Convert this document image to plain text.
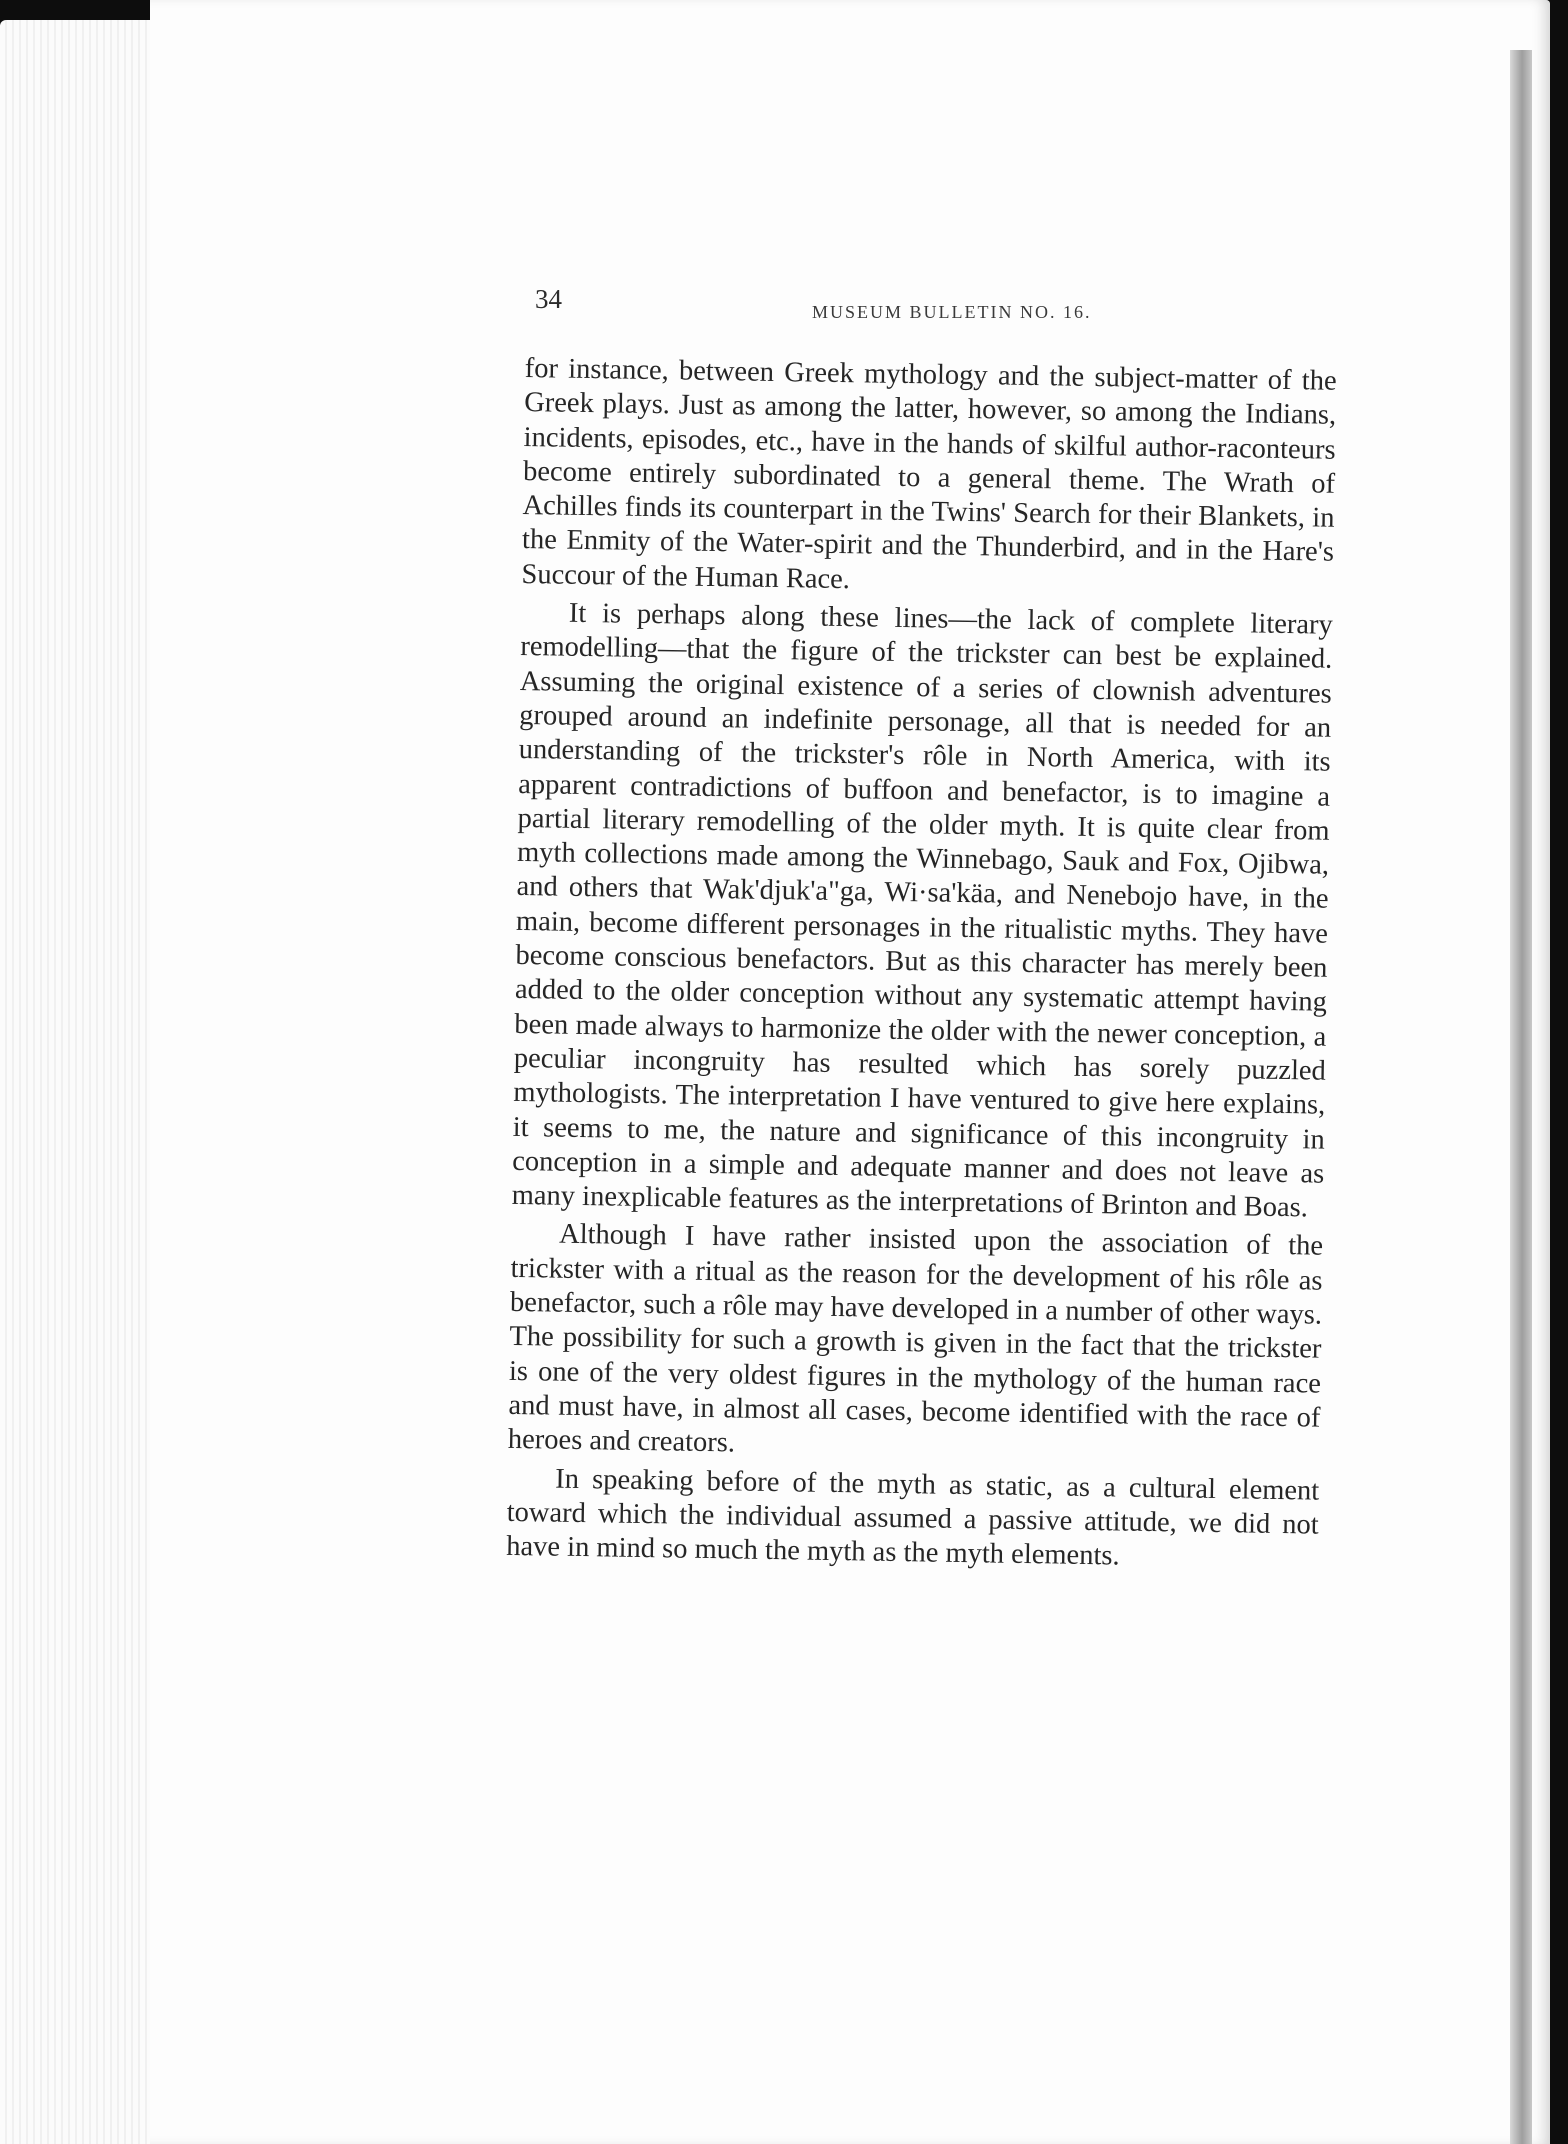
34	MUSEUM BULLETIN NO. 16.

for instance, between Greek mythology and the subject-matter of the Greek plays. Just as among the latter, however, so among the Indians, incidents, episodes, etc., have in the hands of skilful author-raconteurs become entirely subordinated to a general theme. The Wrath of Achilles finds its counterpart in the Twins' Search for their Blankets, in the Enmity of the Water-spirit and the Thunderbird, and in the Hare's Succour of the Human Race.

It is perhaps along these lines—the lack of complete literary remodelling—that the figure of the trickster can best be explained. Assuming the original existence of a series of clownish adventures grouped around an indefinite personage, all that is needed for an understanding of the trickster's rôle in North America, with its apparent contradictions of buffoon and benefactor, is to imagine a partial literary remodelling of the older myth. It is quite clear from myth collections made among the Winnebago, Sauk and Fox, Ojibwa, and others that Wak'djuk'a"ga, Wi·sa'käa, and Nenebojo have, in the main, become different personages in the ritualistic myths. They have become conscious benefactors. But as this character has merely been added to the older conception without any systematic attempt having been made always to harmonize the older with the newer conception, a peculiar incongruity has resulted which has sorely puzzled mythologists. The interpretation I have ventured to give here explains, it seems to me, the nature and significance of this incongruity in conception in a simple and adequate manner and does not leave as many inexplicable features as the interpretations of Brinton and Boas.

Although I have rather insisted upon the association of the trickster with a ritual as the reason for the development of his rôle as benefactor, such a rôle may have developed in a number of other ways. The possibility for such a growth is given in the fact that the trickster is one of the very oldest figures in the mythology of the human race and must have, in almost all cases, become identified with the race of heroes and creators.

In speaking before of the myth as static, as a cultural element toward which the individual assumed a passive attitude, we did not have in mind so much the myth as the myth elements.
